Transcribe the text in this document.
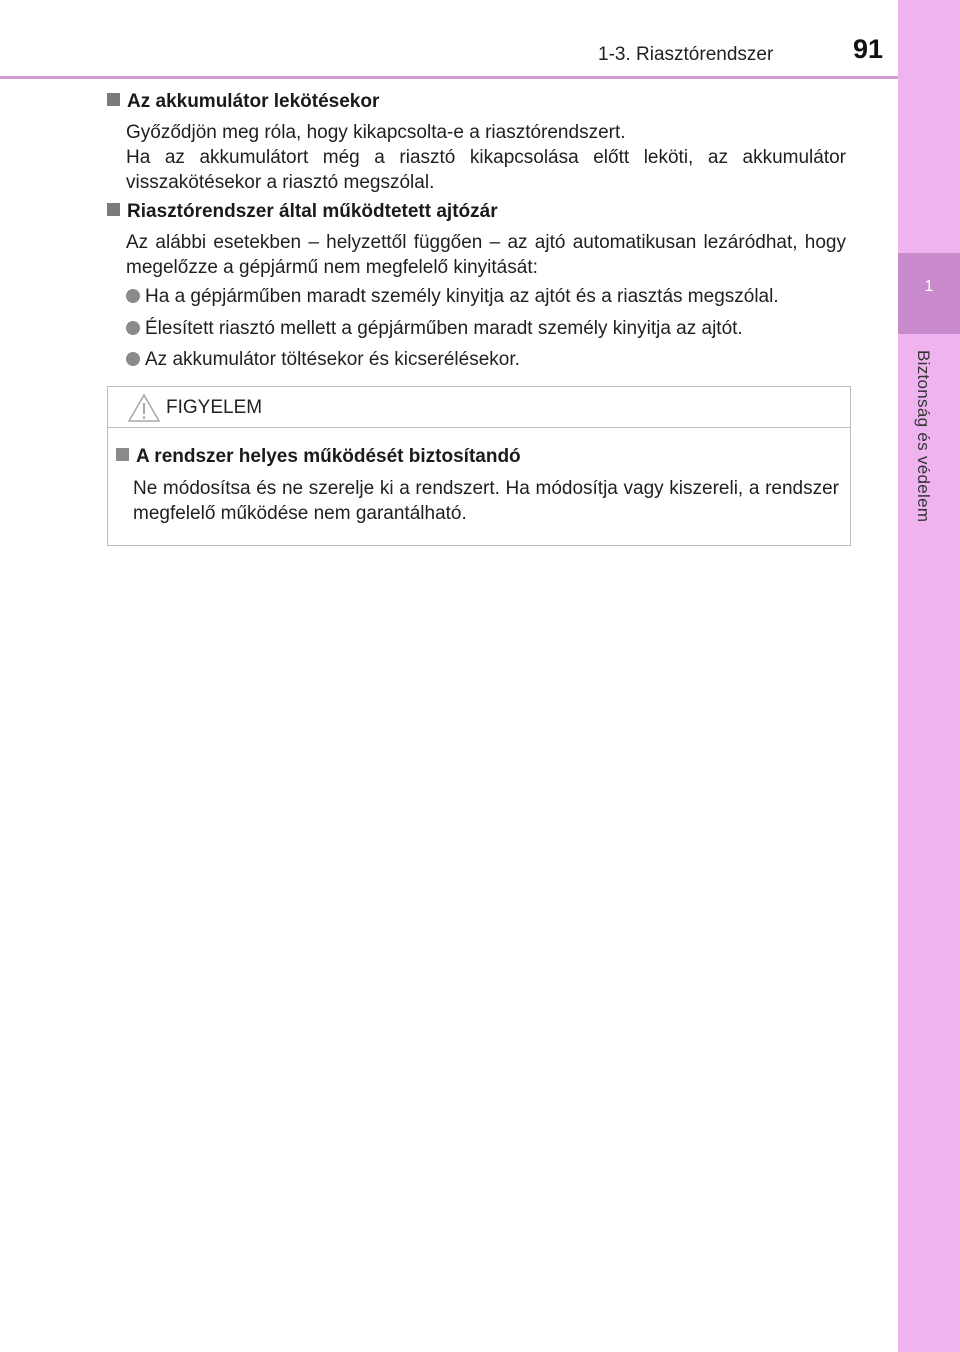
1-3. Riasztórendszer	91
1
Biztonság és védelem
Az akkumulátor lekötésekor
Győződjön meg róla, hogy kikapcsolta-e a riasztórendszert.
Ha az akkumulátort még a riasztó kikapcsolása előtt leköti, az akkumulátor visszakötésekor a riasztó megszólal.
Riasztórendszer által működtetett ajtózár
Az alábbi esetekben – helyzettől függően – az ajtó automatikusan lezáródhat, hogy megelőzze a gépjármű nem megfelelő kinyitását:
Ha a gépjárműben maradt személy kinyitja az ajtót és a riasztás megszólal.
Élesített riasztó mellett a gépjárműben maradt személy kinyitja az ajtót.
Az akkumulátor töltésekor és kicserélésekor.
FIGYELEM
A rendszer helyes működését biztosítandó
Ne módosítsa és ne szerelje ki a rendszert. Ha módosítja vagy kiszereli, a rendszer megfelelő működése nem garantálható.
